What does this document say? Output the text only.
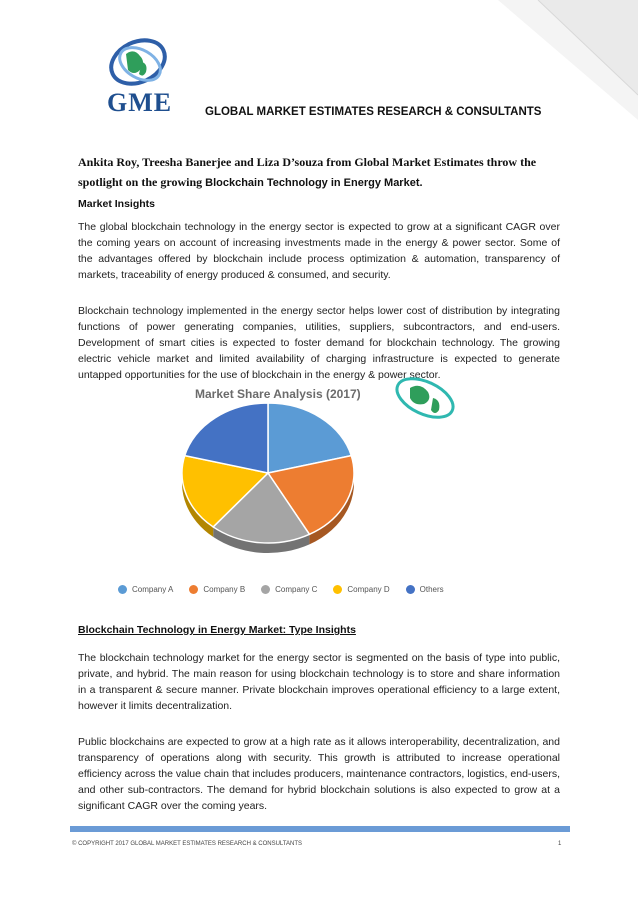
GME	GLOBAL MARKET ESTIMATES RESEARCH & CONSULTANTS
Ankita Roy, Treesha Banerjee and Liza D’souza from Global Market Estimates throw the spotlight on the growing Blockchain Technology in Energy Market.
Market Insights
The global blockchain technology in the energy sector is expected to grow at a significant CAGR over the coming years on account of increasing investments made in the energy & power sector. Some of the advantages offered by blockchain include process optimization & automation, transparency of markets, traceability of energy produced & consumed, and security.
Blockchain technology implemented in the energy sector helps lower cost of distribution by integrating functions of power generating companies, utilities, suppliers, subcontractors, and end-users. Development of smart cities is expected to foster demand for blockchain technology. The growing electric vehicle market and limited availability of charging infrastructure is expected to generate untapped opportunities for the use of blockchain in the energy & power sector.
Market Share Analysis (2017)
Company A	Company B	Company C	Company D	Others
Blockchain Technology in Energy Market: Type Insights
The blockchain technology market for the energy sector is segmented on the basis of type into public, private, and hybrid. The main reason for using blockchain technology is to store and share information in a transparent & secure manner. Private blockchain improves operational efficiency to a large extent, however it limits decentralization.
Public blockchains are expected to grow at a high rate as it allows interoperability, decentralization, and transparency of operations along with security. This growth is attributed to increase operational efficiency across the value chain that includes producers, maintenance contractors, logistics, end-users, and other sub-contractors. The demand for hybrid blockchain solutions is also expected to grow at a significant CAGR over the coming years.
© COPYRIGHT 2017 GLOBAL MARKET ESTIMATES RESEARCH & CONSULTANTS	1
